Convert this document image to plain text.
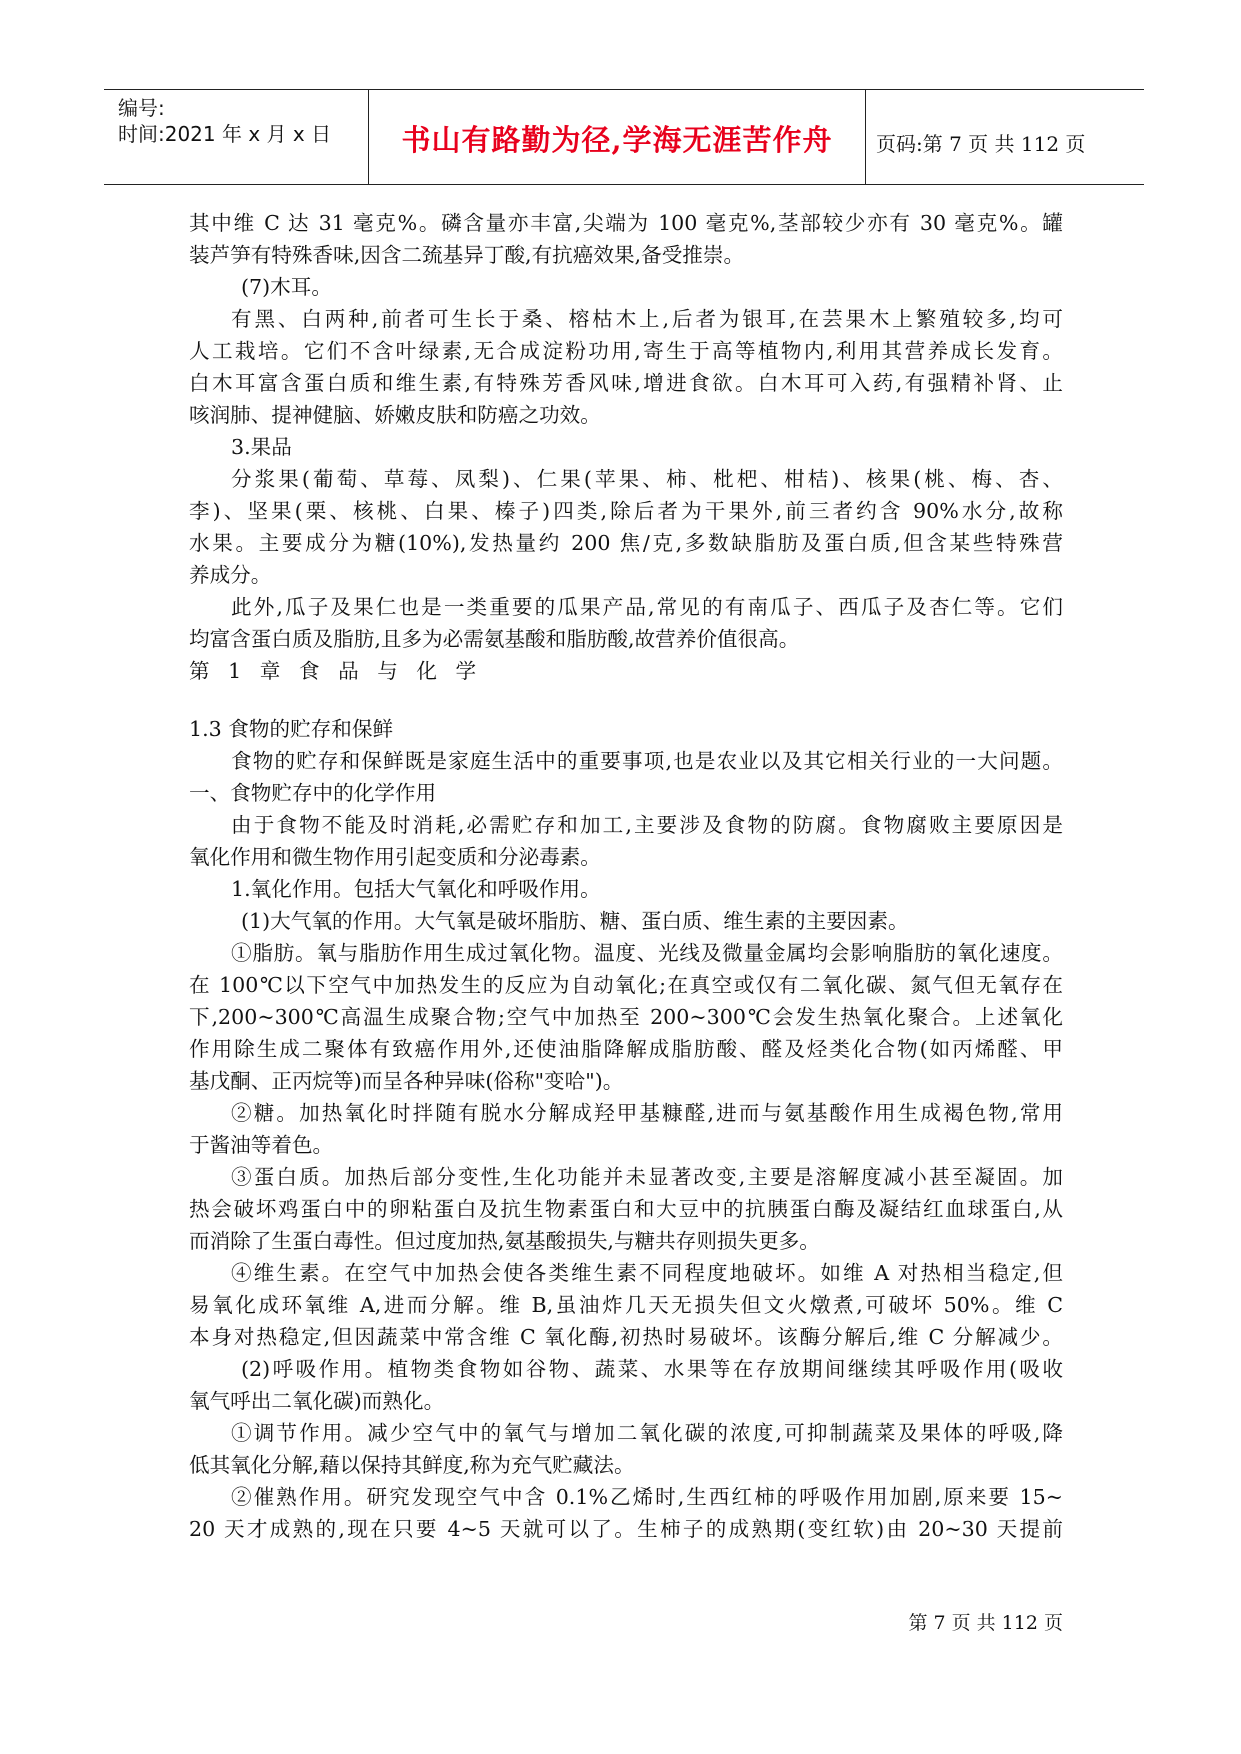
编号:
时间:2021 年 x 月 x 日	书山有路勤为径,学海无涯苦作舟	页码:第 7 页 共 112 页
其中维 C 达 31 毫克%。磷含量亦丰富,尖端为 100 毫克%,茎部较少亦有 30 毫克%。罐
装芦笋有特殊香味,因含二巯基异丁酸,有抗癌效果,备受推崇。
(7)木耳。
有黑、白两种,前者可生长于桑、榕枯木上,后者为银耳,在芸果木上繁殖较多,均可
人工栽培。它们不含叶绿素,无合成淀粉功用,寄生于高等植物内,利用其营养成长发育。
白木耳富含蛋白质和维生素,有特殊芳香风味,增进食欲。白木耳可入药,有强精补肾、止
咳润肺、提神健脑、娇嫩皮肤和防癌之功效。
3.果品
分浆果(葡萄、草莓、凤梨)、仁果(苹果、柿、枇杷、柑桔)、核果(桃、梅、杏、
李)、坚果(栗、核桃、白果、榛子)四类,除后者为干果外,前三者约含 90%水分,故称
水果。主要成分为糖(10%),发热量约 200 焦/克,多数缺脂肪及蛋白质,但含某些特殊营
养成分。
此外,瓜子及果仁也是一类重要的瓜果产品,常见的有南瓜子、西瓜子及杏仁等。它们
均富含蛋白质及脂肪,且多为必需氨基酸和脂肪酸,故营养价值很高。
第 1 章 食 品 与 化 学
1.3 食物的贮存和保鲜
食物的贮存和保鲜既是家庭生活中的重要事项,也是农业以及其它相关行业的一大问题。
一、食物贮存中的化学作用
由于食物不能及时消耗,必需贮存和加工,主要涉及食物的防腐。食物腐败主要原因是
氧化作用和微生物作用引起变质和分泌毒素。
1.氧化作用。包括大气氧化和呼吸作用。
(1)大气氧的作用。大气氧是破坏脂肪、糖、蛋白质、维生素的主要因素。
①脂肪。氧与脂肪作用生成过氧化物。温度、光线及微量金属均会影响脂肪的氧化速度。
在 100℃以下空气中加热发生的反应为自动氧化;在真空或仅有二氧化碳、氮气但无氧存在
下,200~300℃高温生成聚合物;空气中加热至 200~300℃会发生热氧化聚合。上述氧化
作用除生成二聚体有致癌作用外,还使油脂降解成脂肪酸、醛及烃类化合物(如丙烯醛、甲
基戊酮、正丙烷等)而呈各种异味(俗称"变哈")。
②糖。加热氧化时拌随有脱水分解成羟甲基糠醛,进而与氨基酸作用生成褐色物,常用
于酱油等着色。
③蛋白质。加热后部分变性,生化功能并未显著改变,主要是溶解度减小甚至凝固。加
热会破坏鸡蛋白中的卵粘蛋白及抗生物素蛋白和大豆中的抗胰蛋白酶及凝结红血球蛋白,从
而消除了生蛋白毒性。但过度加热,氨基酸损失,与糖共存则损失更多。
④维生素。在空气中加热会使各类维生素不同程度地破坏。如维 A 对热相当稳定,但
易氧化成环氧维 A,进而分解。维 B,虽油炸几天无损失但文火燉煮,可破坏 50%。维 C
本身对热稳定,但因蔬菜中常含维 C 氧化酶,初热时易破坏。该酶分解后,维 C 分解减少。
(2)呼吸作用。植物类食物如谷物、蔬菜、水果等在存放期间继续其呼吸作用(吸收
氧气呼出二氧化碳)而熟化。
①调节作用。减少空气中的氧气与增加二氧化碳的浓度,可抑制蔬菜及果体的呼吸,降
低其氧化分解,藉以保持其鲜度,称为充气贮藏法。
②催熟作用。研究发现空气中含 0.1%乙烯时,生西红柿的呼吸作用加剧,原来要 15~
20 天才成熟的,现在只要 4~5 天就可以了。生柿子的成熟期(变红软)由 20~30 天提前
第 7 页 共 112 页
